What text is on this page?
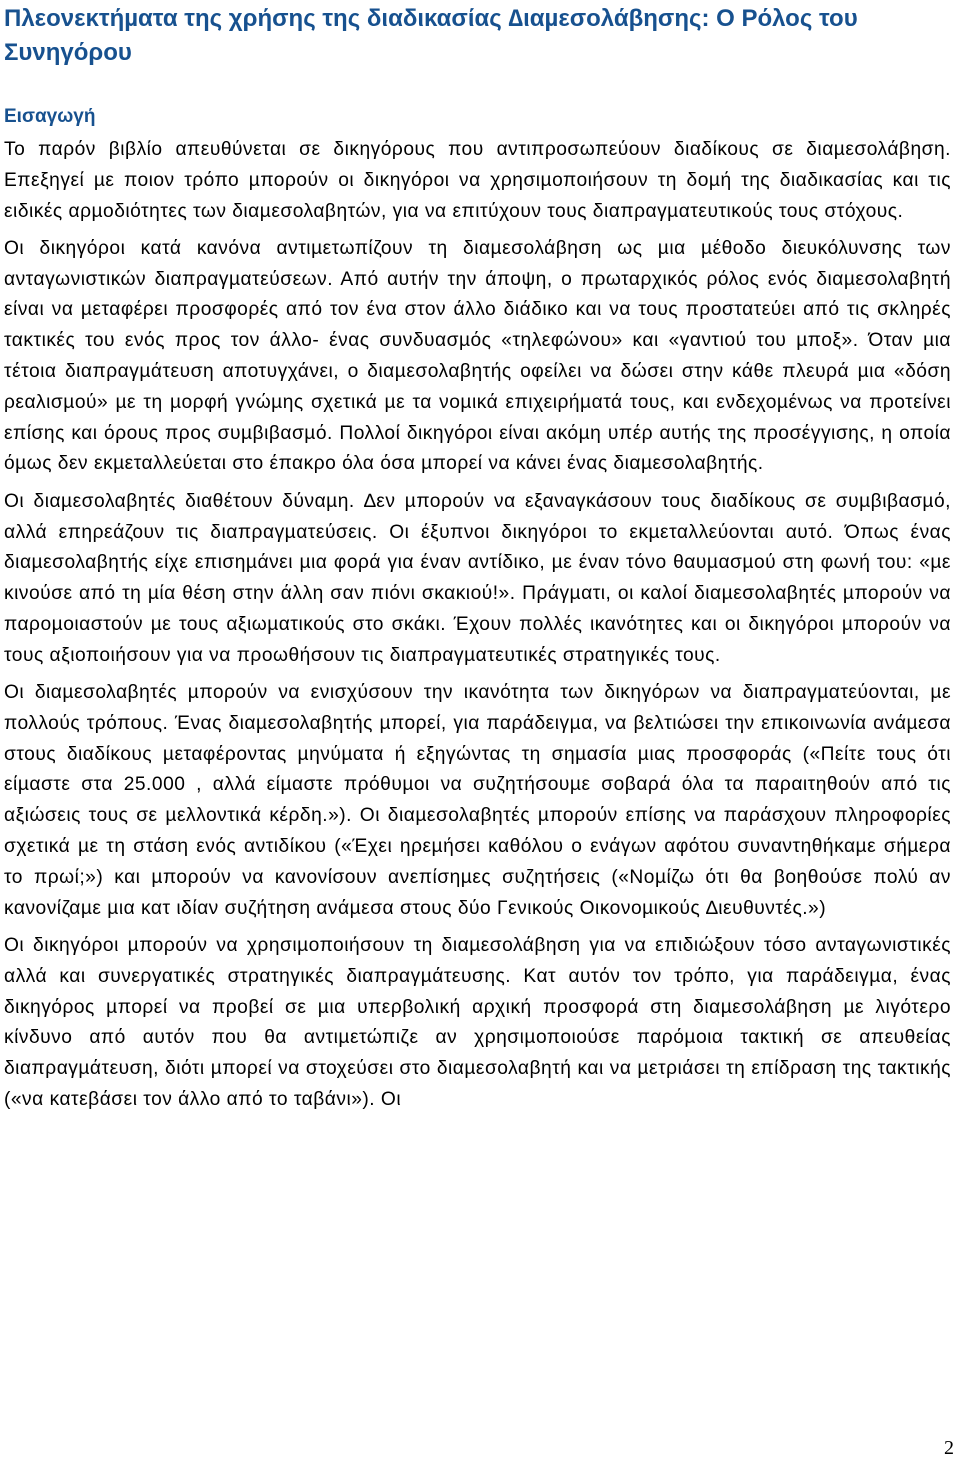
Πλεονεκτήµατα της χρήσης της διαδικασίας ∆ιαµεσολάβησης: Ο Ρόλος του Συνηγόρου
Εισαγωγή

Το παρόν βιβλίο απευθύνεται σε δικηγόρους που αντιπροσωπεύουν διαδίκους σε διαµεσολάβηση. Επεξηγεί µε ποιον τρόπο µπορούν οι δικηγόροι να χρησιµοποιήσουν τη δοµή της διαδικασίας και τις ειδικές αρµοδιότητες των διαµεσολαβητών, για να επιτύχουν τους διαπραγµατευτικούς τους στόχους.

Οι δικηγόροι κατά κανόνα αντιµετωπίζουν τη διαµεσολάβηση ως µια µέθοδο διευκόλυνσης των ανταγωνιστικών διαπραγµατεύσεων. Από αυτήν την άποψη, ο πρωταρχικός ρόλος ενός διαµεσολαβητή είναι να µεταφέρει προσφορές από τον ένα στον άλλο διάδικο και να τους προστατεύει από τις σκληρές τακτικές του ενός προς τον άλλο- ένας συνδυασµός «τηλεφώνου» και «γαντιού του µποξ». Όταν µια τέτοια διαπραγµάτευση αποτυγχάνει, ο διαµεσολαβητής οφείλει να δώσει στην κάθε πλευρά µια «δόση ρεαλισµού» µε τη µορφή γνώµης σχετικά µε τα νοµικά επιχειρήµατά τους, και ενδεχοµένως να προτείνει επίσης και όρους προς συµβιβασµό. Πολλοί δικηγόροι είναι ακόµη υπέρ αυτής της προσέγγισης, η οποία όµως δεν εκµεταλλεύεται στο έπακρο όλα όσα µπορεί να κάνει ένας διαµεσολαβητής.

Οι διαµεσολαβητές διαθέτουν δύναµη. ∆εν µπορούν να εξαναγκάσουν τους διαδίκους σε συµβιβασµό, αλλά επηρεάζουν τις διαπραγµατεύσεις. Οι έξυπνοι δικηγόροι το εκµεταλλεύονται αυτό. Όπως ένας διαµεσολαβητής είχε επισηµάνει µια φορά για έναν αντίδικο, µε έναν τόνο θαυµασµού στη φωνή του: «µε κινούσε από τη µία θέση στην άλλη σαν πιόνι σκακιού!». Πράγµατι, οι καλοί διαµεσολαβητές µπορούν να παροµοιαστούν µε τους αξιωµατικούς στο σκάκι. Έχουν πολλές ικανότητες και οι δικηγόροι µπορούν να τους αξιοποιήσουν για να προωθήσουν τις διαπραγµατευτικές στρατηγικές τους.

Οι διαµεσολαβητές µπορούν να ενισχύσουν την ικανότητα των δικηγόρων να διαπραγµατεύονται, µε πολλούς τρόπους. Ένας διαµεσολαβητής µπορεί, για παράδειγµα, να βελτιώσει την επικοινωνία ανάµεσα στους διαδίκους µεταφέροντας µηνύµατα ή εξηγώντας τη σηµασία µιας προσφοράς («Πείτε τους ότι είµαστε στα 25.000 , αλλά είµαστε πρόθυµοι να συζητήσουµε σοβαρά όλα τα παραιτηθούν από τις αξιώσεις τους σε µελλοντικά κέρδη.»). Οι διαµεσολαβητές µπορούν επίσης να παράσχουν πληροφορίες σχετικά µε τη στάση ενός αντιδίκου («Έχει ηρεµήσει καθόλου ο ενάγων αφότου συναντηθήκαµε σήµερα το πρωί;») και µπορούν να κανονίσουν ανεπίσηµες συζητήσεις («Νοµίζω ότι θα βοηθούσε πολύ αν κανονίζαµε µια κατ ιδίαν συζήτηση ανάµεσα στους δύο Γενικούς Οικονοµικούς ∆ιευθυντές.»)

Οι δικηγόροι µπορούν να χρησιµοποιήσουν τη διαµεσολάβηση για να επιδιώξουν τόσο ανταγωνιστικές αλλά και συνεργατικές στρατηγικές διαπραγµάτευσης. Κατ αυτόν τον τρόπο, για παράδειγµα, ένας δικηγόρος µπορεί να προβεί σε µια υπερβολική αρχική προσφορά στη διαµεσολάβηση µε λιγότερο κίνδυνο από αυτόν που θα αντιµετώπιζε αν χρησιµοποιούσε παρόµοια τακτική σε απευθείας διαπραγµάτευση, διότι µπορεί να στοχεύσει στο διαµεσολαβητή και να µετριάσει τη επίδραση της τακτικής («να κατεβάσει τον άλλο από το ταβάνι»). Οι

2
